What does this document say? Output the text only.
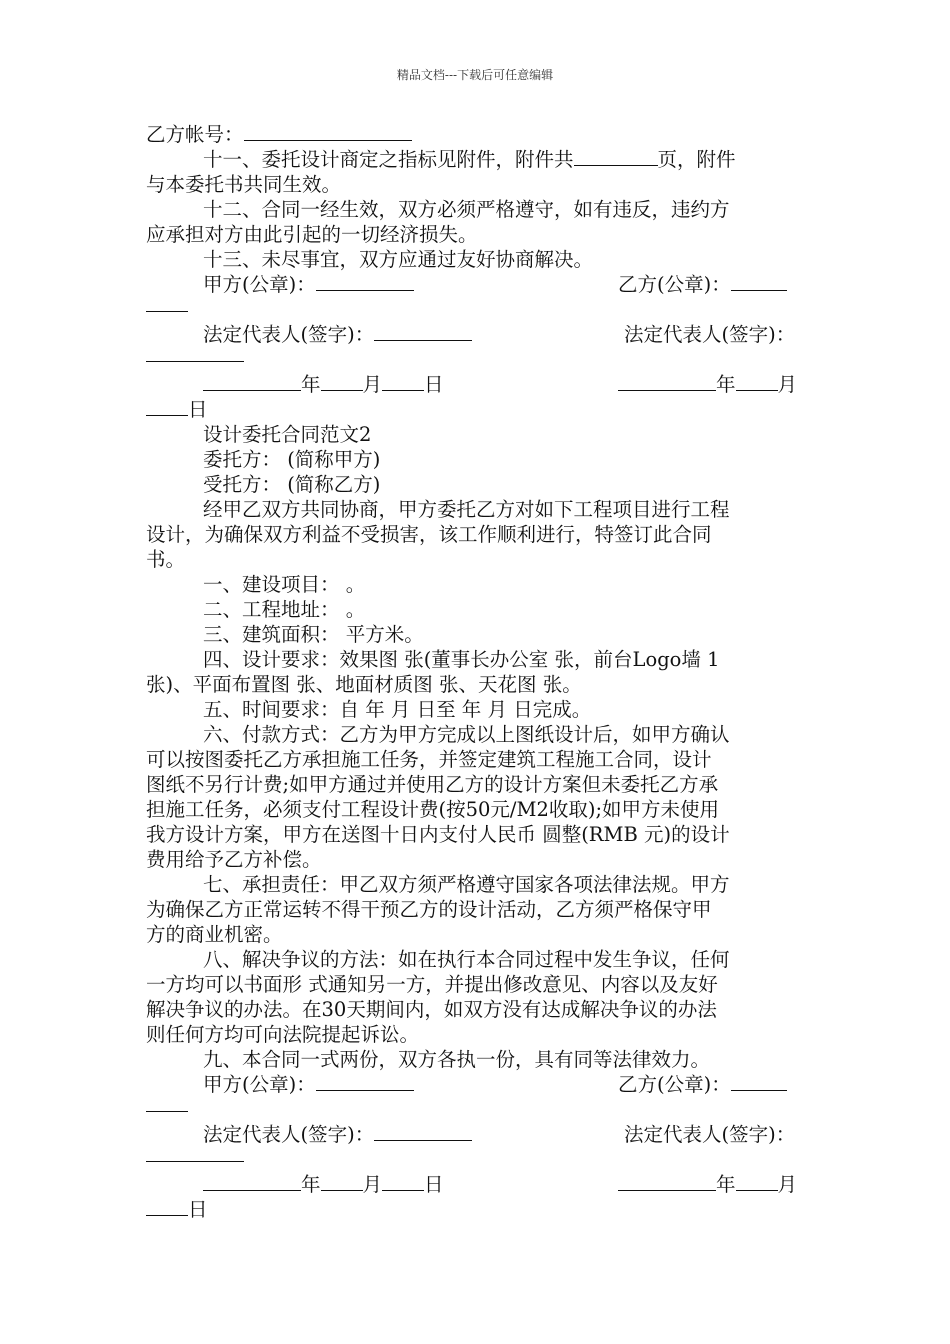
精品文档---下载后可任意编辑
乙方帐号：
十一、委托设计商定之指标见附件，附件共	页，附件
与本委托书共同生效。
十二、合同一经生效，双方必须严格遵守，如有违反，违约方
应承担对方由此引起的一切经济损失。
十三、未尽事宜，双方应通过友好协商解决。
甲方(公章)：	乙方(公章)：
法定代表人(签字)：	法定代表人(签字)：
年 月 日	年 月
日
设计委托合同范文2
委托方： (简称甲方)
受托方： (简称乙方)
经甲乙双方共同协商，甲方委托乙方对如下工程项目进行工程
设计，为确保双方利益不受损害，该工作顺利进行，特签订此合同
书。
一、建设项目： 。
二、工程地址： 。
三、建筑面积： 平方米。
四、设计要求：效果图 张(董事长办公室 张，前台Logo墙 1
张)、平面布置图 张、地面材质图 张、天花图 张。
五、时间要求：自 年 月 日至 年 月 日完成。
六、付款方式：乙方为甲方完成以上图纸设计后，如甲方确认
可以按图委托乙方承担施工任务，并签定建筑工程施工合同，设计
图纸不另行计费;如甲方通过并使用乙方的设计方案但未委托乙方承
担施工任务，必须支付工程设计费(按50元/M2收取);如甲方未使用
我方设计方案，甲方在送图十日内支付人民币 圆整(RMB 元)的设计
费用给予乙方补偿。
七、承担责任：甲乙双方须严格遵守国家各项法律法规。甲方
为确保乙方正常运转不得干预乙方的设计活动，乙方须严格保守甲
方的商业机密。
八、解决争议的方法：如在执行本合同过程中发生争议，任何
一方均可以书面形 式通知另一方，并提出修改意见、内容以及友好
解决争议的办法。在30天期间内，如双方没有达成解决争议的办法
则任何方均可向法院提起诉讼。
九、本合同一式两份，双方各执一份，具有同等法律效力。
甲方(公章)：	乙方(公章)：
法定代表人(签字)：	法定代表人(签字)：
年 月 日	年 月
日
